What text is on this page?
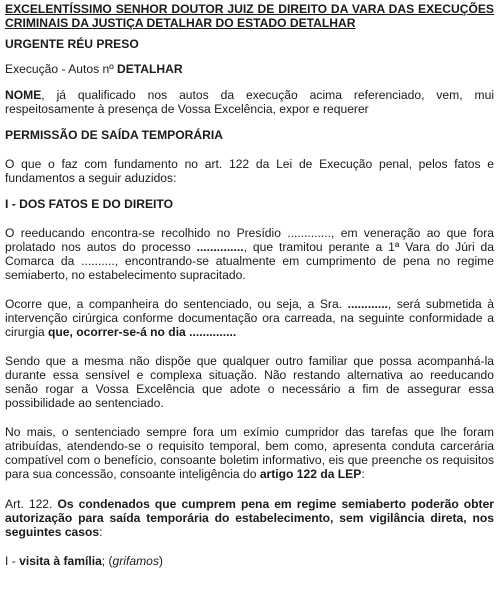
EXCELENTÍSSIMO SENHOR DOUTOR JUIZ DE DIREITO DA VARA DAS EXECUÇÕES CRIMINAIS DA JUSTIÇA DETALHAR DO ESTADO DETALHAR

URGENTE RÉU PRESO

Execução - Autos nº DETALHAR

NOME, já qualificado nos autos da execução acima referenciado, vem, mui respeitosamente à presença de Vossa Excelência, expor e requerer

PERMISSÃO DE SAÍDA TEMPORÁRIA

O que o faz com fundamento no art. 122 da Lei de Execução penal, pelos fatos e fundamentos a seguir aduzidos:

I - DOS FATOS E DO DIREITO

O reeducando encontra-se recolhido no Presídio ............., em veneração ao que fora prolatado nos autos do processo .............., que tramitou perante a 1ª Vara do Júri da Comarca da .........., encontrando-se atualmente em cumprimento de pena no regime semiaberto, no estabelecimento supracitado.

Ocorre que, a companheira do sentenciado, ou seja, a Sra. ............, será submetida à intervenção cirúrgica conforme documentação ora carreada, na seguinte conformidade a cirurgia que, ocorrer-se-á no dia ..............

Sendo que a mesma não dispõe que qualquer outro familiar que possa acompanhá-la durante essa sensível e complexa situação. Não restando alternativa ao reeducando senão rogar a Vossa Excelência que adote o necessário a fim de assegurar essa possibilidade ao sentenciado.

No mais, o sentenciado sempre fora um exímio cumpridor das tarefas que lhe foram atribuídas, atendendo-se o requisito temporal, bem como, apresenta conduta carcerária compatível com o benefício, consoante boletim informativo, eis que preenche os requisitos para sua concessão, consoante inteligência do artigo 122 da LEP:

Art. 122. Os condenados que cumprem pena em regime semiaberto poderão obter autorização para saída temporária do estabelecimento, sem vigilância direta, nos seguintes casos:

I - visita à família; (grifamos)
